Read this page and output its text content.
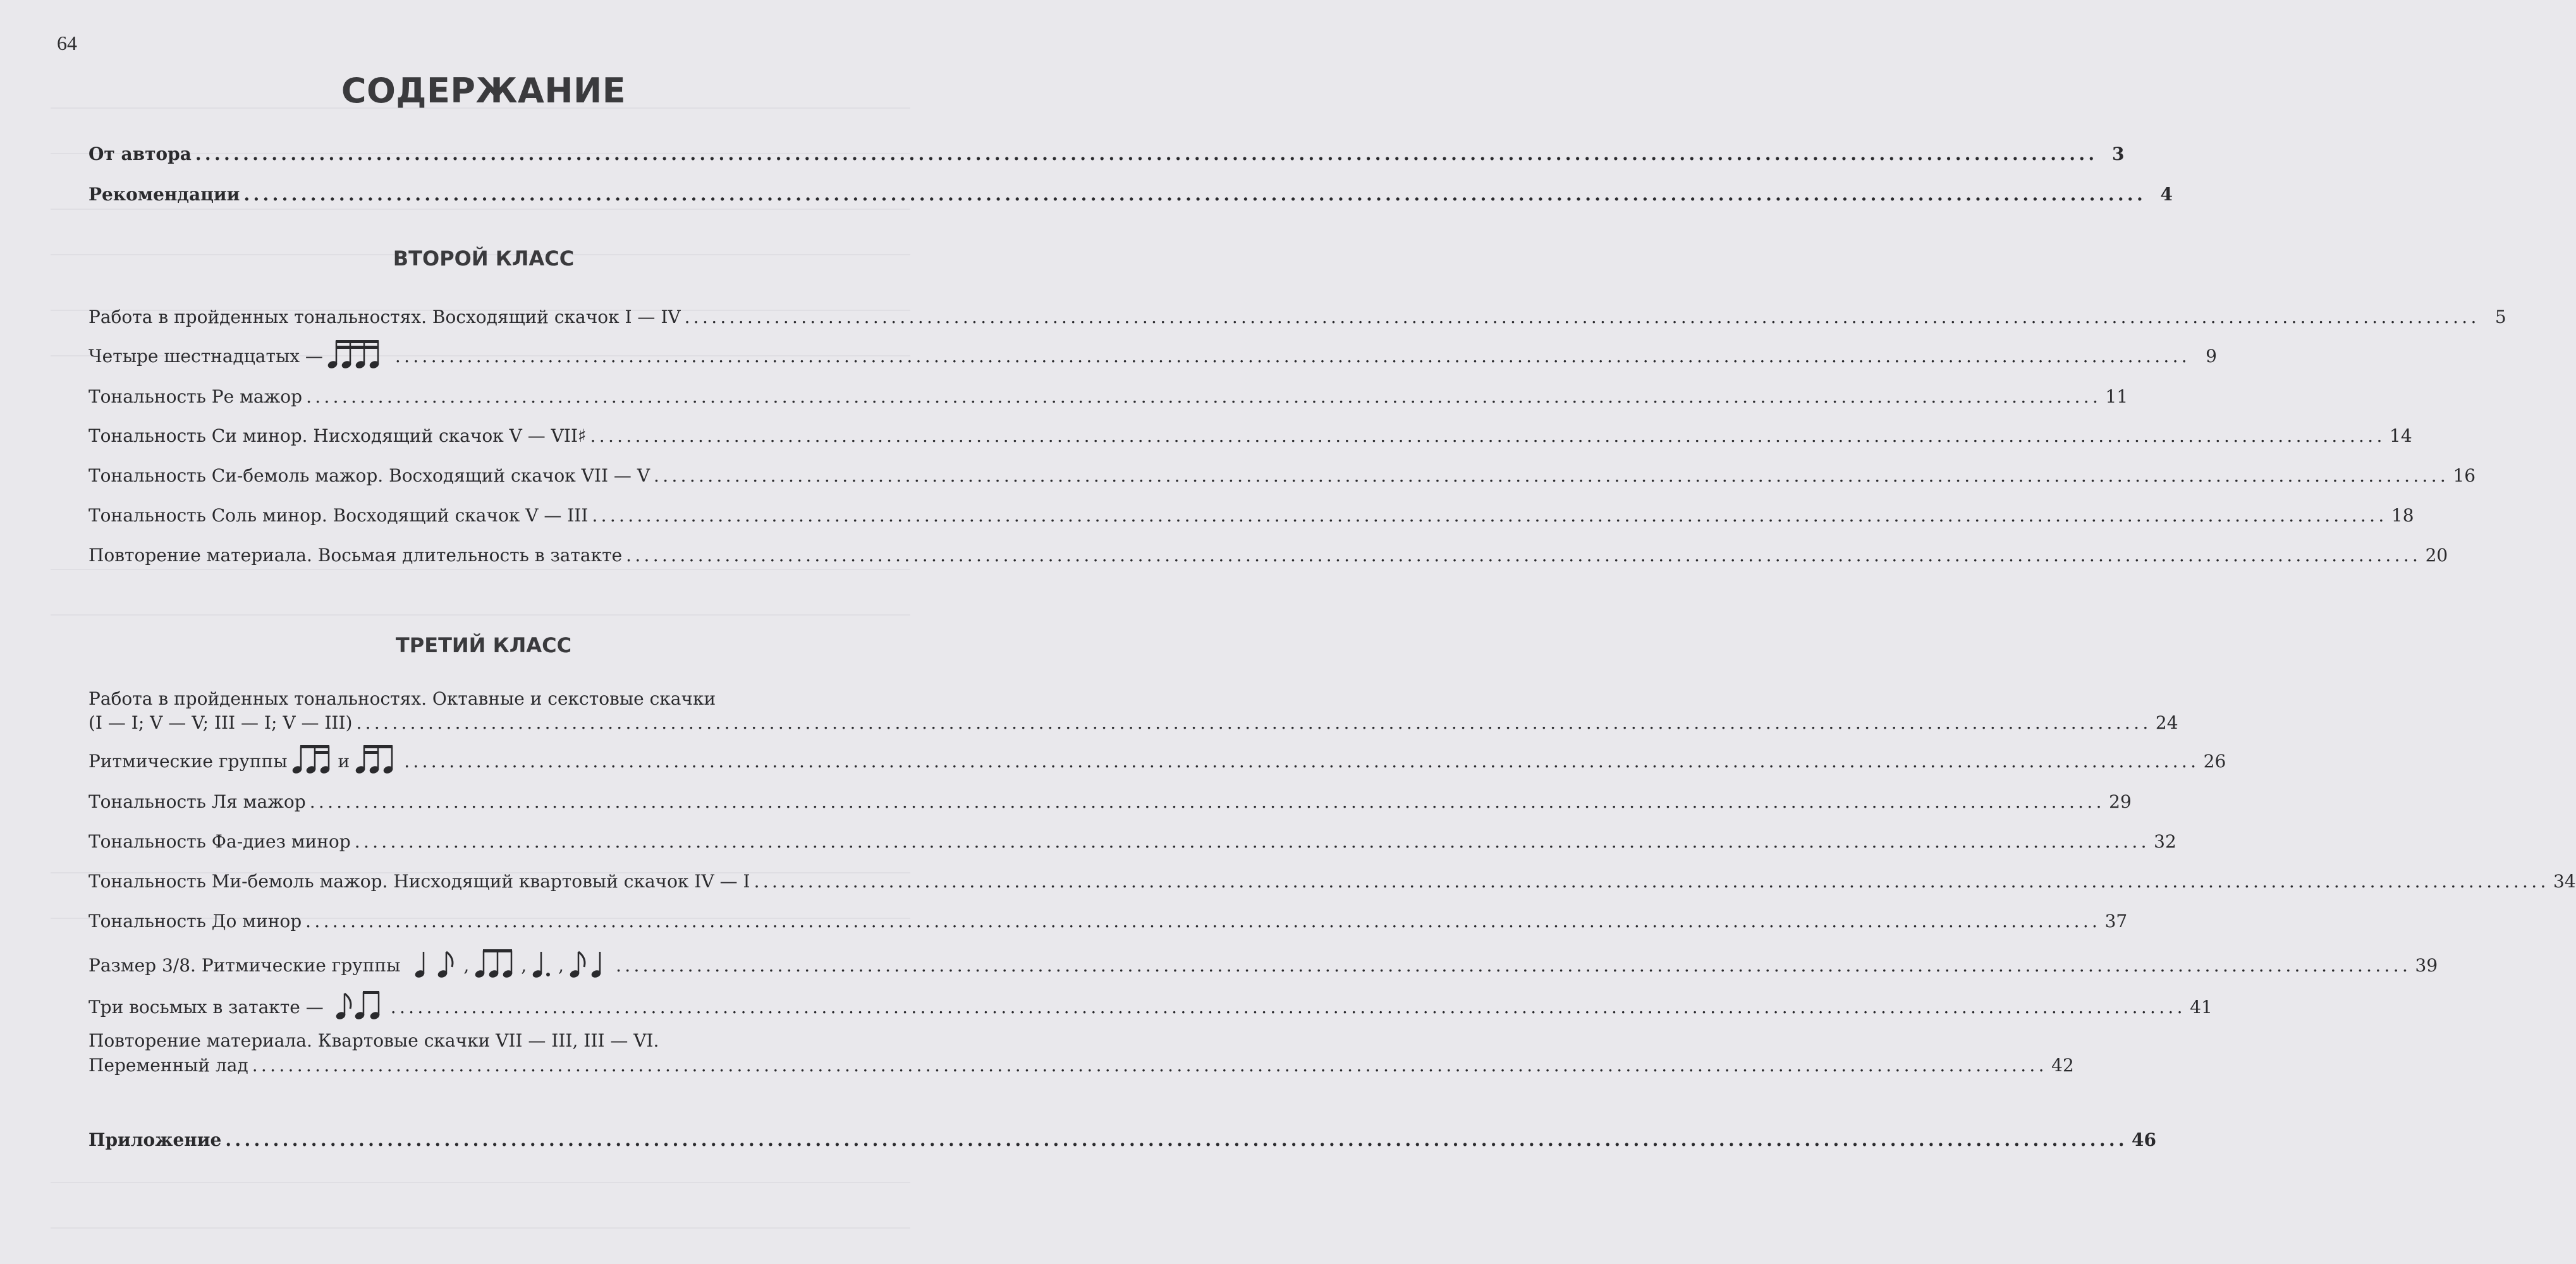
64
СОДЕРЖАНИЕ
От автора ........................................................................................................................................................................................................ 3
Рекомендации ........................................................................................................................................................................................................ 4
ВТОРОЙ КЛАСС
Работа в пройденных тональностях. Восходящий скачок I — IV ........................................................................................................................................................................................................ 5
Четыре шестнадцатых —	........................................................................................................................................................................................................ 9
Тональность Ре мажор ........................................................................................................................................................................................................ 11
Тональность Си минор. Нисходящий скачок V — VII♯ ........................................................................................................................................................................................................ 14
Тональность Си-бемоль мажор. Восходящий скачок VII — V ........................................................................................................................................................................................................ 16
Тональность Соль минор. Восходящий скачок V — III ........................................................................................................................................................................................................ 18
Повторение материала. Восьмая длительность в затакте ........................................................................................................................................................................................................ 20
ТРЕТИЙ КЛАСС
Работа в пройденных тональностях. Октавные и секстовые скачки
(I — I; V — V; III — I; V — III) ........................................................................................................................................................................................................ 24
Ритмические группы	и	........................................................................................................................................................................................................ 26
Тональность Ля мажор ........................................................................................................................................................................................................ 29
Тональность Фа-диез минор ........................................................................................................................................................................................................ 32
Тональность Ми-бемоль мажор. Нисходящий квартовый скачок IV — I ........................................................................................................................................................................................................ 34
Тональность До минор ........................................................................................................................................................................................................ 37
Размер 3/8. Ритмические группы	,	, ,	........................................................................................................................................................................................................ 39
Три восьмых в затакте —	........................................................................................................................................................................................................ 41
Повторение материала. Квартовые скачки VII — III, III — VI.
Переменный лад ........................................................................................................................................................................................................ 42
Приложение ........................................................................................................................................................................................................ 46
